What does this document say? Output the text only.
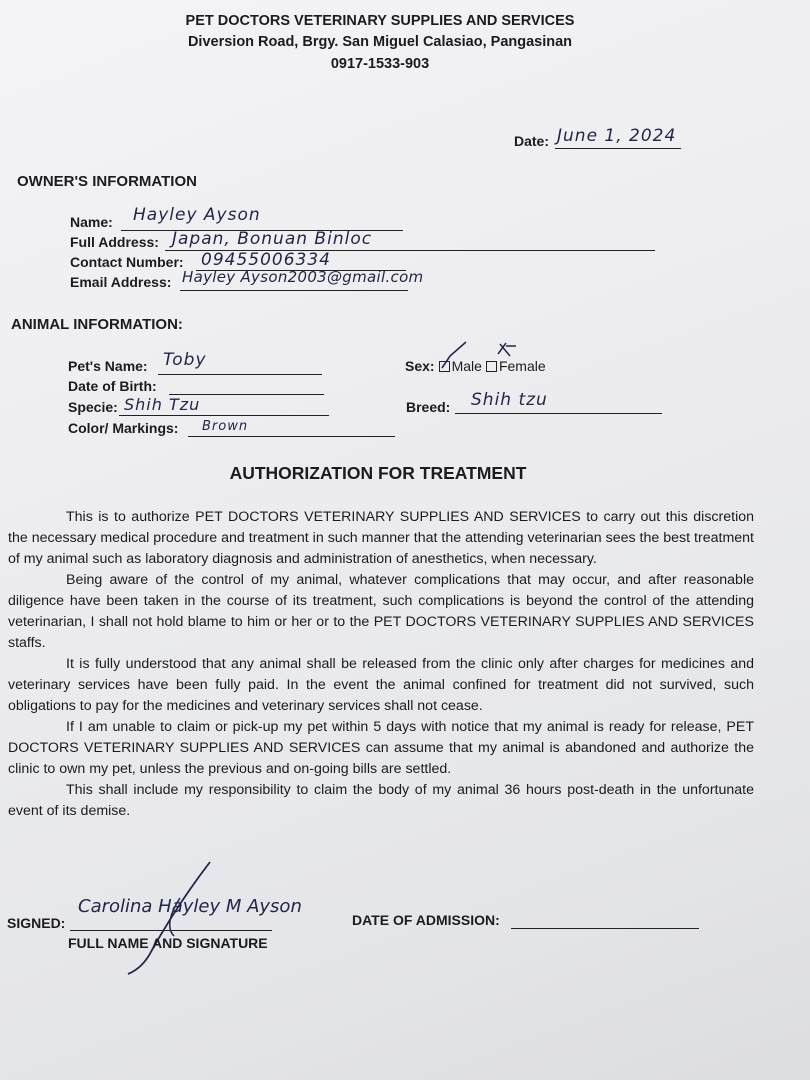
PET DOCTORS VETERINARY SUPPLIES AND SERVICES
Diversion Road, Brgy. San Miguel Calasiao, Pangasinan
0917-1533-903
Date: June 1, 2024
OWNER'S INFORMATION
Name: Hayley Ayson
Full Address: Japan, Bonuan Binloc
Contact Number: 09455006334
Email Address: Hayley Ayson2003@gmail.com
ANIMAL INFORMATION:
Pet's Name: Toby
Date of Birth:
Specie: Shih Tzu
Color/ Markings: Brown
Sex: Male Female
Breed: Shih tzu
AUTHORIZATION FOR TREATMENT

This is to authorize PET DOCTORS VETERINARY SUPPLIES AND SERVICES to carry out this discretion the necessary medical procedure and treatment in such manner that the attending veterinarian sees the best treatment of my animal such as laboratory diagnosis and administration of anesthetics, when necessary.

Being aware of the control of my animal, whatever complications that may occur, and after reasonable diligence have been taken in the course of its treatment, such complications is beyond the control of the attending veterinarian, I shall not hold blame to him or her or to the PET DOCTORS VETERINARY SUPPLIES AND SERVICES staffs.

It is fully understood that any animal shall be released from the clinic only after charges for medicines and veterinary services have been fully paid. In the event the animal confined for treatment did not survived, such obligations to pay for the medicines and veterinary services shall not cease.

If I am unable to claim or pick-up my pet within 5 days with notice that my animal is ready for release, PET DOCTORS VETERINARY SUPPLIES AND SERVICES can assume that my animal is abandoned and authorize the clinic to own my pet, unless the previous and on-going bills are settled.

This shall include my responsibility to claim the body of my animal 36 hours post-death in the unfortunate event of its demise.

SIGNED:
Carolina Hayley M Ayson
FULL NAME AND SIGNATURE
DATE OF ADMISSION:
